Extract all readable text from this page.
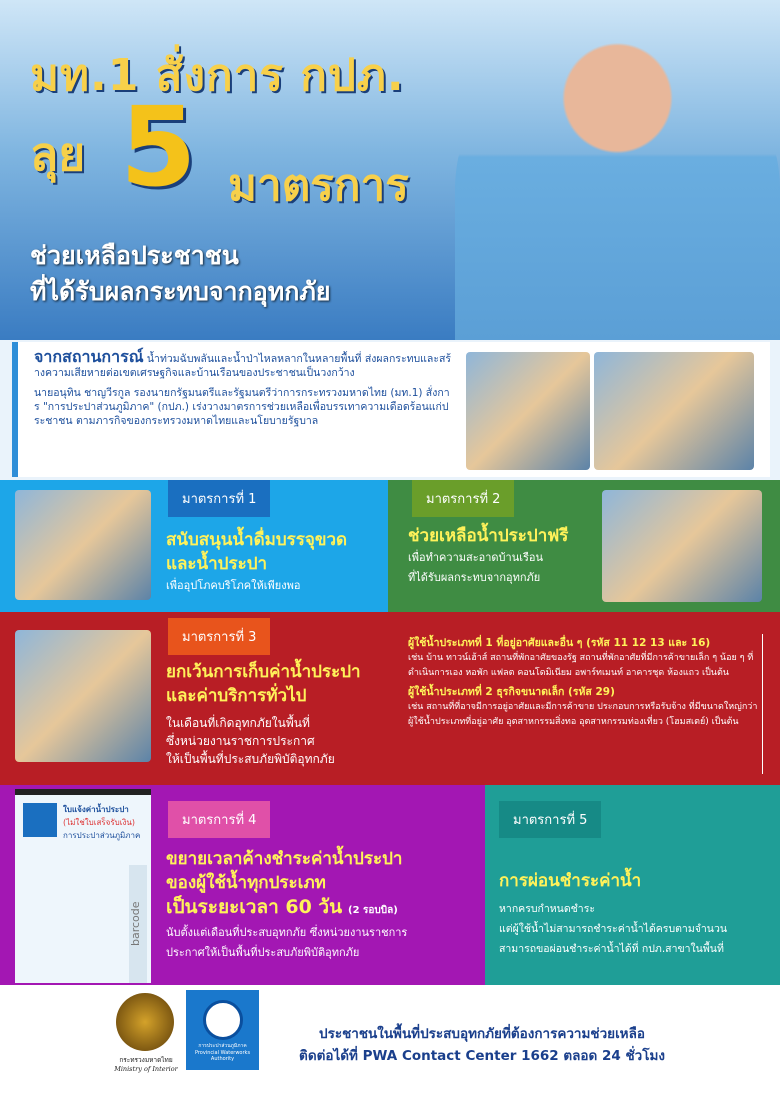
มท.1 สั่งการ กปภ.
ลุย 5 มาตรการ
ช่วยเหลือประชาชน
ที่ได้รับผลกระทบจากอุทกภัย

จากสถานการณ์ น้ำท่วมฉับพลันและน้ำป่าไหลหลากในหลายพื้นที่ ส่งผลกระทบและสร้างความเสียหายต่อเขตเศรษฐกิจและบ้านเรือนของประชาชนเป็นวงกว้าง

นายอนุทิน ชาญวีรกูล รองนายกรัฐมนตรีและรัฐมนตรีว่าการกระทรวงมหาดไทย (มท.1) สั่งการ "การประปาส่วนภูมิภาค" (กปภ.) เร่งวางมาตรการช่วยเหลือเพื่อบรรเทาความเดือดร้อนแก่ประชาชน ตามภารกิจของกระทรวงมหาดไทยและนโยบายรัฐบาล

มาตรการที่ 1
สนับสนุนน้ำดื่มบรรจุขวด
และน้ำประปา
เพื่ออุปโภคบริโภคให้เพียงพอ
มาตรการที่ 2
ช่วยเหลือน้ำประปาฟรี
เพื่อทำความสะอาดบ้านเรือน
ที่ได้รับผลกระทบจากอุทกภัย
มาตรการที่ 3
ยกเว้นการเก็บค่าน้ำประปา
และค่าบริการทั่วไป
ในเดือนที่เกิดอุทกภัยในพื้นที่
ซึ่งหน่วยงานราชการประกาศ
ให้เป็นพื้นที่ประสบภัยพิบัติอุทกภัย
ผู้ใช้น้ำประเภทที่ 1 ที่อยู่อาศัยและอื่น ๆ (รหัส 11 12 13 และ 16)
เช่น บ้าน ทาวน์เฮ้าส์ สถานที่พักอาศัยของรัฐ สถานที่พักอาศัยที่มีการค้าขายเล็ก ๆ น้อย ๆ ที่ดำเนินการเอง หอพัก แฟลต คอนโดมิเนียม อพาร์ทเมนท์ อาคารชุด ห้องแถว เป็นต้น
ผู้ใช้น้ำประเภทที่ 2 ธุรกิจขนาดเล็ก (รหัส 29)
เช่น สถานที่ที่อาจมีการอยู่อาศัยและมีการค้าขาย ประกอบการหรือรับจ้าง ที่มีขนาดใหญ่กว่าผู้ใช้น้ำประเภทที่อยู่อาศัย อุตสาหกรรมสิ่งทอ อุตสาหกรรมท่องเที่ยว (โฮมสเตย์) เป็นต้น
ใบแจ้งค่าน้ำประปา
(ไม่ใช่ใบเสร็จรับเงิน)
การประปาส่วนภูมิภาค
barcode
มาตรการที่ 4
ขยายเวลาค้างชำระค่าน้ำประปา
ของผู้ใช้น้ำทุกประเภท
เป็นระยะเวลา 60 วัน (2 รอบบิล)
นับตั้งแต่เดือนที่ประสบอุทกภัย ซึ่งหน่วยงานราชการ
ประกาศให้เป็นพื้นที่ประสบภัยพิบัติอุทกภัย
มาตรการที่ 5
การผ่อนชำระค่าน้ำ
หากครบกำหนดชำระ
แต่ผู้ใช้น้ำไม่สามารถชำระค่าน้ำได้ครบตามจำนวน
สามารถขอผ่อนชำระค่าน้ำได้ที่ กปภ.สาขาในพื้นที่
กระทรวงมหาดไทย
Ministry of Interior
การประปาส่วนภูมิภาค
Provincial Waterworks Authority
ประชาชนในพื้นที่ประสบอุทกภัยที่ต้องการความช่วยเหลือ
ติดต่อได้ที่ PWA Contact Center 1662 ตลอด 24 ชั่วโมง
